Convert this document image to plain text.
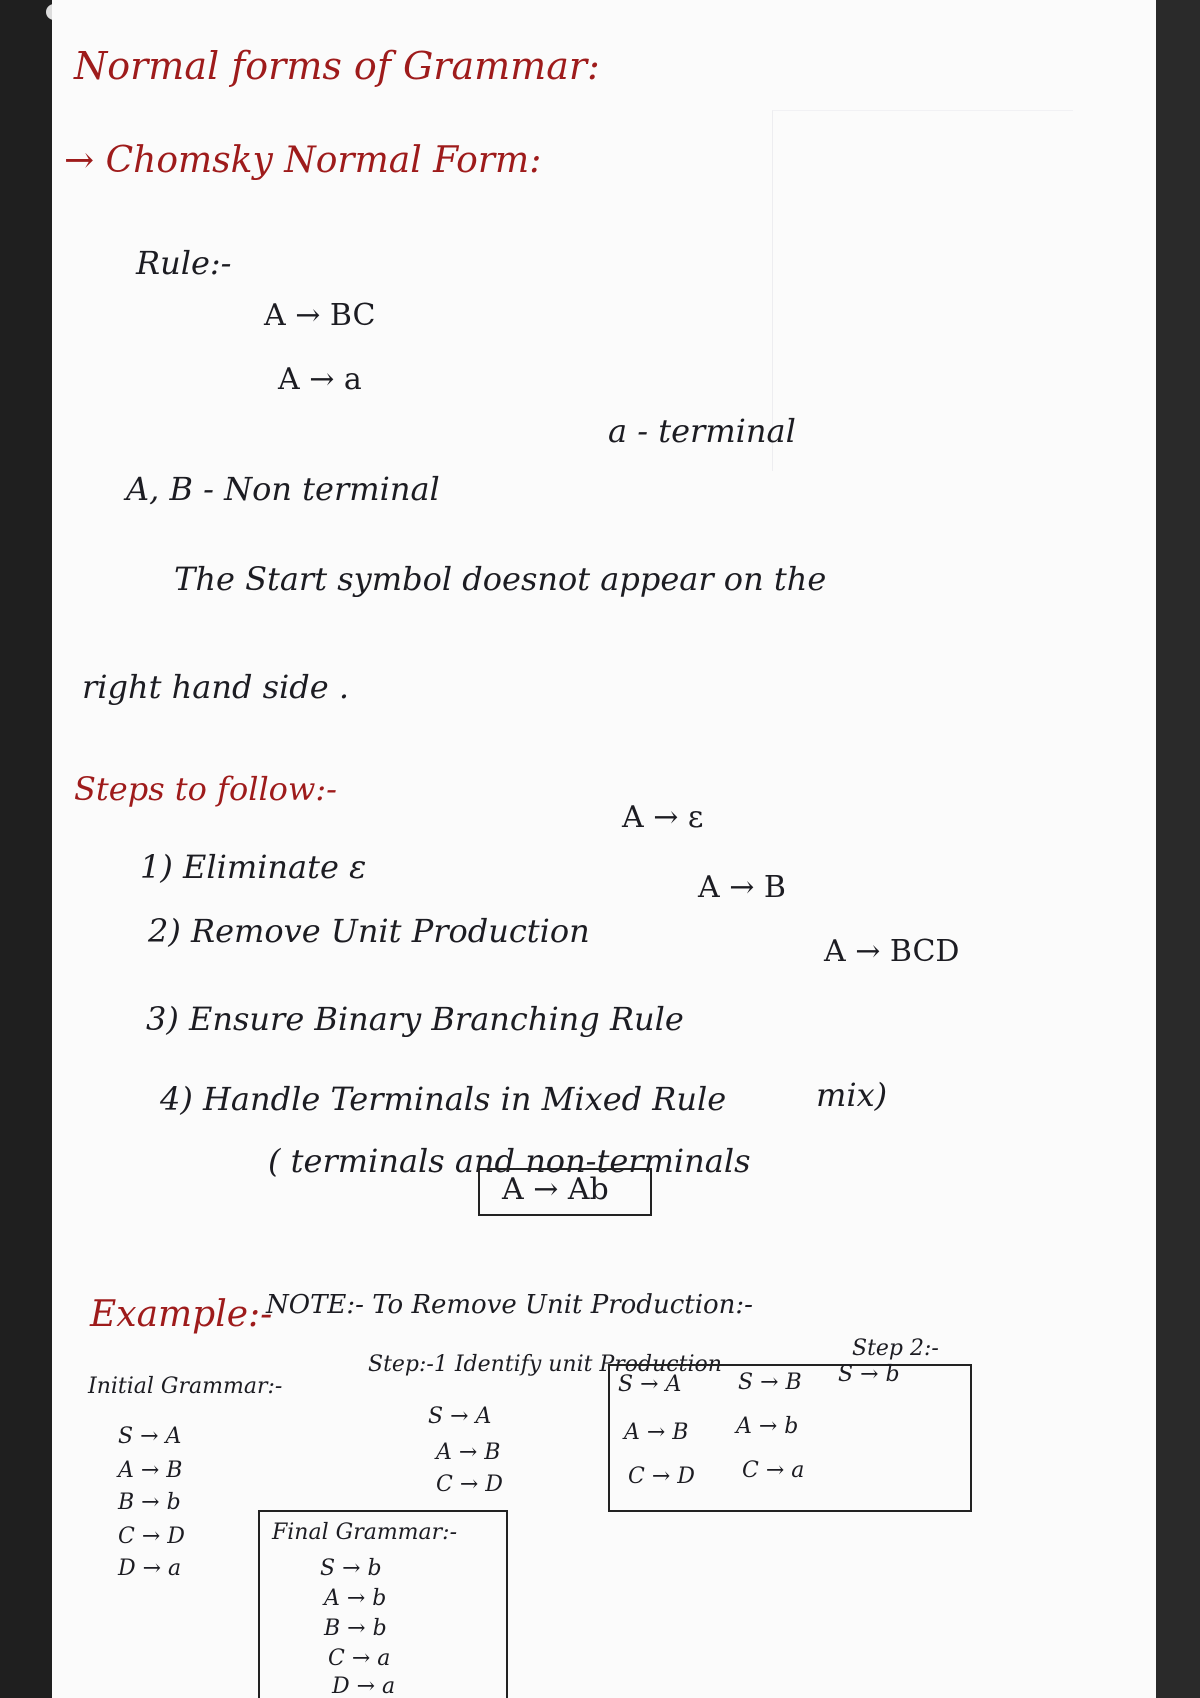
Normal forms of Grammar:
→ Chomsky Normal Form:
Rule:-
A → BC
A → a
A, B - Non terminal
a - terminal
The Start symbol doesnot appear on the
right hand side .
Steps to follow:-
1) Eliminate ε
A → ε
2) Remove Unit Production
A → B
3) Ensure Binary Branching Rule
A → BCD
4) Handle Terminals in Mixed Rule	mix)
( terminals and non-terminals
A → Ab
Example:-
NOTE:- To Remove Unit Production:-
Initial Grammar:-
S → A
A → B
B → b
C → D
D → a
Step:-1 Identify unit Production
S → A
A → B
C → D
Step 2:-
S → A	S → B S → b
A → B A → b
C → D C → a
Final Grammar:-
S → b
A → b
B → b
C → a
D → a
